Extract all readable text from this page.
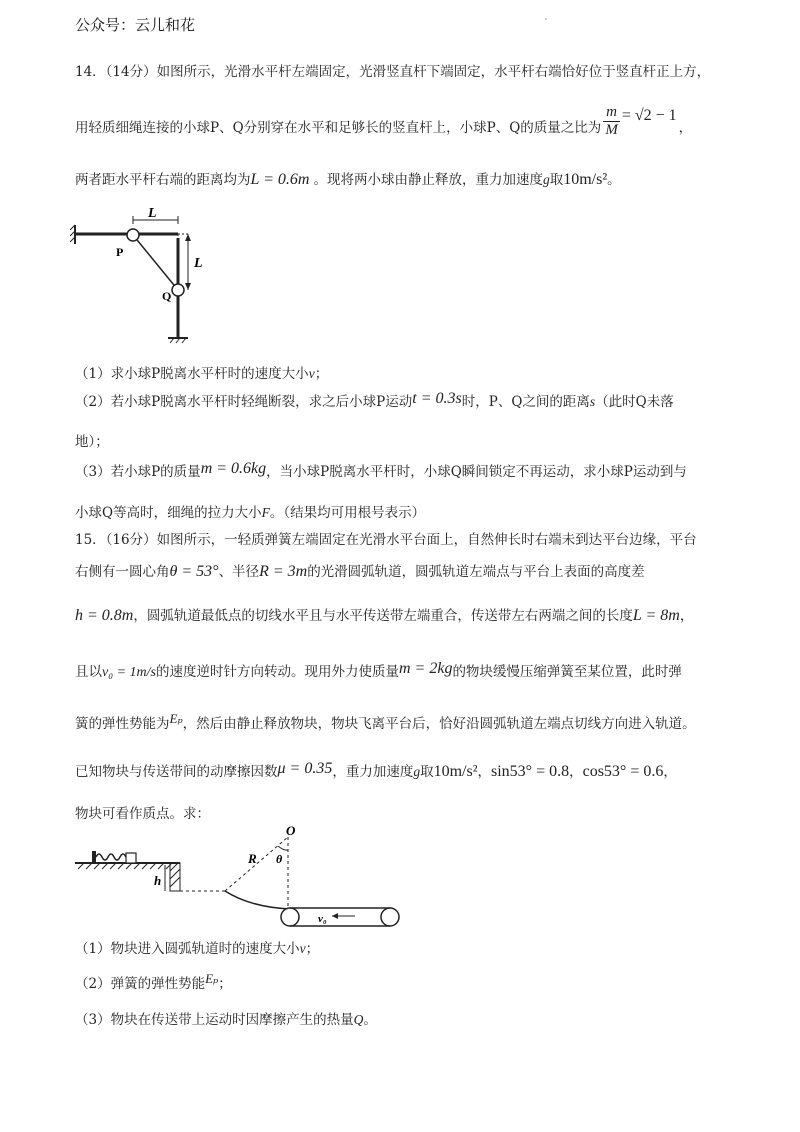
公众号：云儿和花
14．（14分）如图所示，光滑水平杆左端固定，光滑竖直杆下端固定，水平杆右端恰好位于竖直杆正上方，
用轻质细绳连接的小球P、Q分别穿在水平和足够长的竖直杆上，小球P、Q的质量之比为 $\frac{m}{M} = √2 - 1$，
两者距水平杆右端的距离均为L = 0.6m 。现将两小球由静止释放，重力加速度g取10m/s²。
L
L
P
Q
（1）求小球P脱离水平杆时的速度大小v；
（2）若小球P脱离水平杆时轻绳断裂，求之后小球P运动t = 0.3s时，P、Q之间的距离s（此时Q未落
地）；
（3）若小球P的质量m = 0.6kg，当小球P脱离水平杆时，小球Q瞬间锁定不再运动，求小球P运动到与
小球Q等高时，细绳的拉力大小F。（结果均可用根号表示）
15．（16分）如图所示，一轻质弹簧左端固定在光滑水平台面上，自然伸长时右端未到达平台边缘，平台
右侧有一圆心角θ = 53°、半径R = 3m的光滑圆弧轨道，圆弧轨道左端点与平台上表面的高度差
h = 0.8m，圆弧轨道最低点的切线水平且与水平传送带左端重合，传送带左右两端之间的长度L = 8m，
且以v₀ = 1m/s的速度逆时针方向转动。现用外力使质量m = 2kg的物块缓慢压缩弹簧至某位置，此时弹
簧的弹性势能为Eₚ，然后由静止释放物块，物块飞离平台后，恰好沿圆弧轨道左端点切线方向进入轨道。
已知物块与传送带间的动摩擦因数μ = 0.35，重力加速度g取10m/s²，sin53° = 0.8，cos53° = 0.6，
物块可看作质点。求：
h
O
R θ
v₀
（1）物块进入圆弧轨道时的速度大小v；
（2）弹簧的弹性势能Eₚ；
（3）物块在传送带上运动时因摩擦产生的热量Q。
